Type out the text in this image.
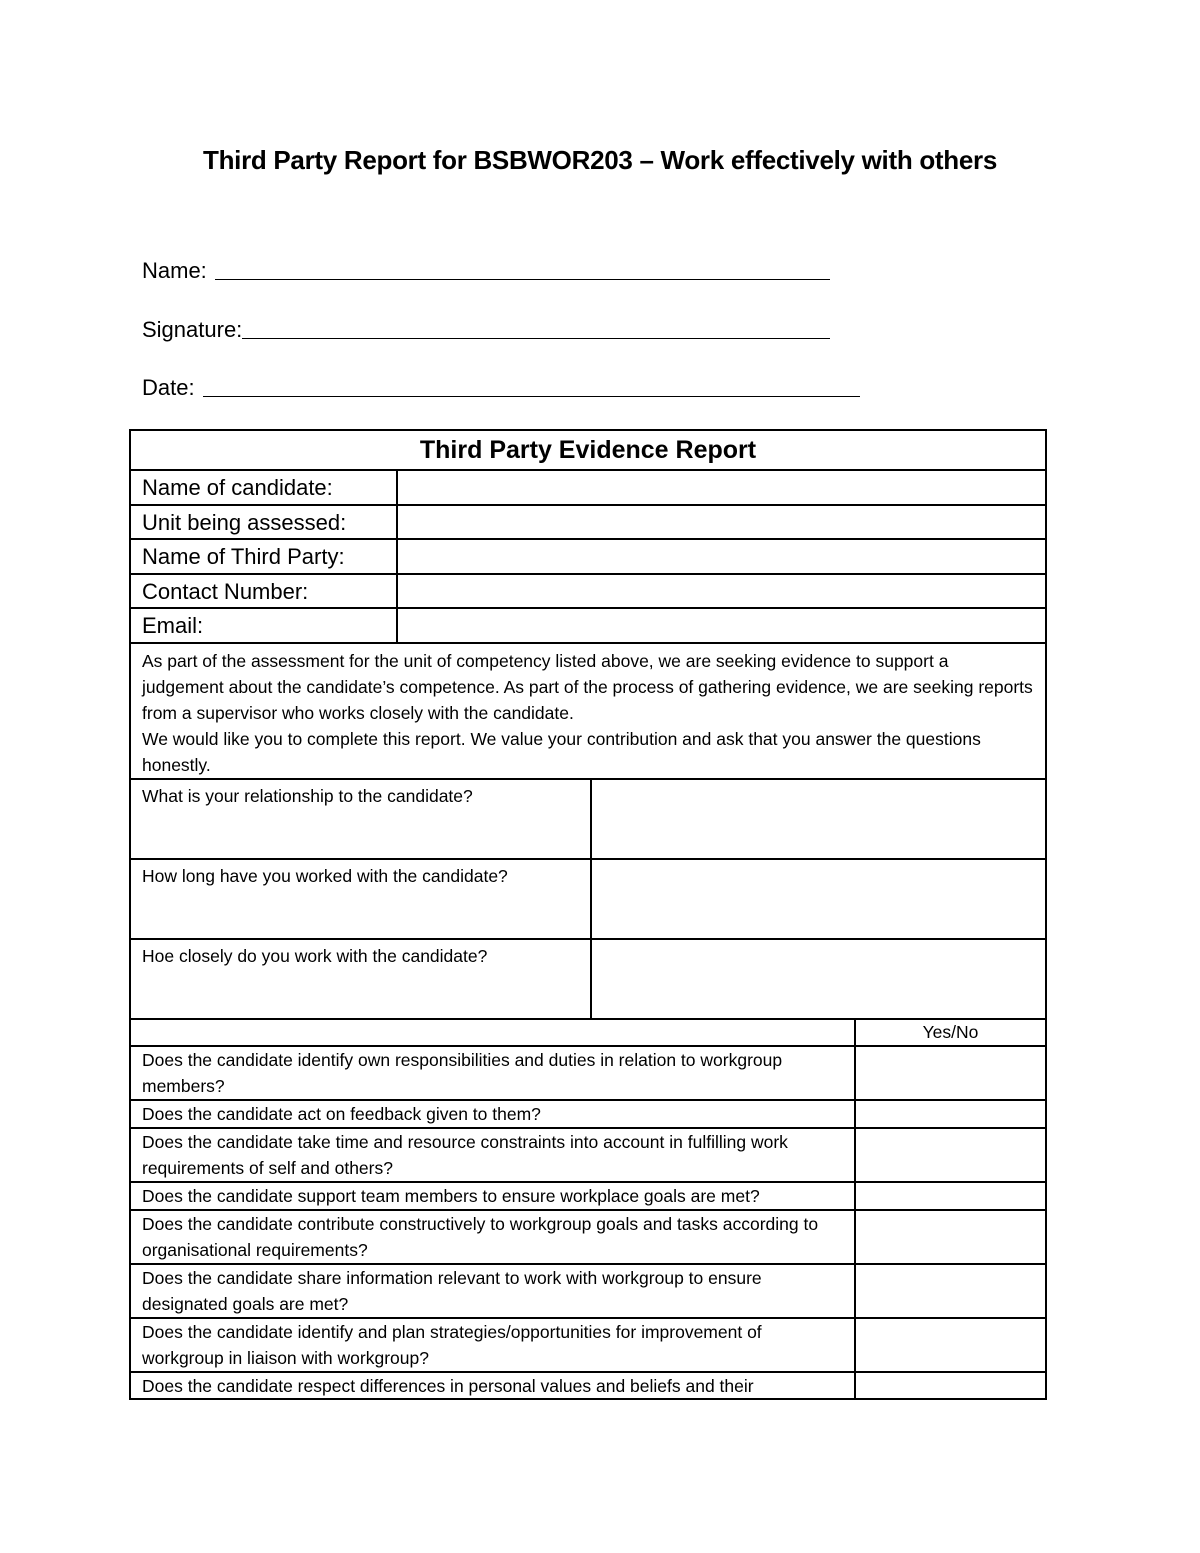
Third Party Report for BSBWOR203 – Work effectively with others
Name:
Signature:
Date:
Third Party Evidence Report
Name of candidate:
Unit being assessed:
Name of Third Party:
Contact Number:
Email:

As part of the assessment for the unit of competency listed above, we are seeking evidence to support a judgement about the candidate’s competence. As part of the process of gathering evidence, we are seeking reports from a supervisor who works closely with the candidate.

We would like you to complete this report. We value your contribution and ask that you answer the questions honestly.

What is your relationship to the candidate?
How long have you worked with the candidate?
Hoe closely do you work with the candidate?
Yes/No
Does the candidate identify own responsibilities and duties in relation to workgroup members?
Does the candidate act on feedback given to them?
Does the candidate take time and resource constraints into account in fulfilling work requirements of self and others?
Does the candidate support team members to ensure workplace goals are met?
Does the candidate contribute constructively to workgroup goals and tasks according to organisational requirements?
Does the candidate share information relevant to work with workgroup to ensure designated goals are met?
Does the candidate identify and plan strategies/opportunities for improvement of workgroup in liaison with workgroup?
Does the candidate respect differences in personal values and beliefs and their
